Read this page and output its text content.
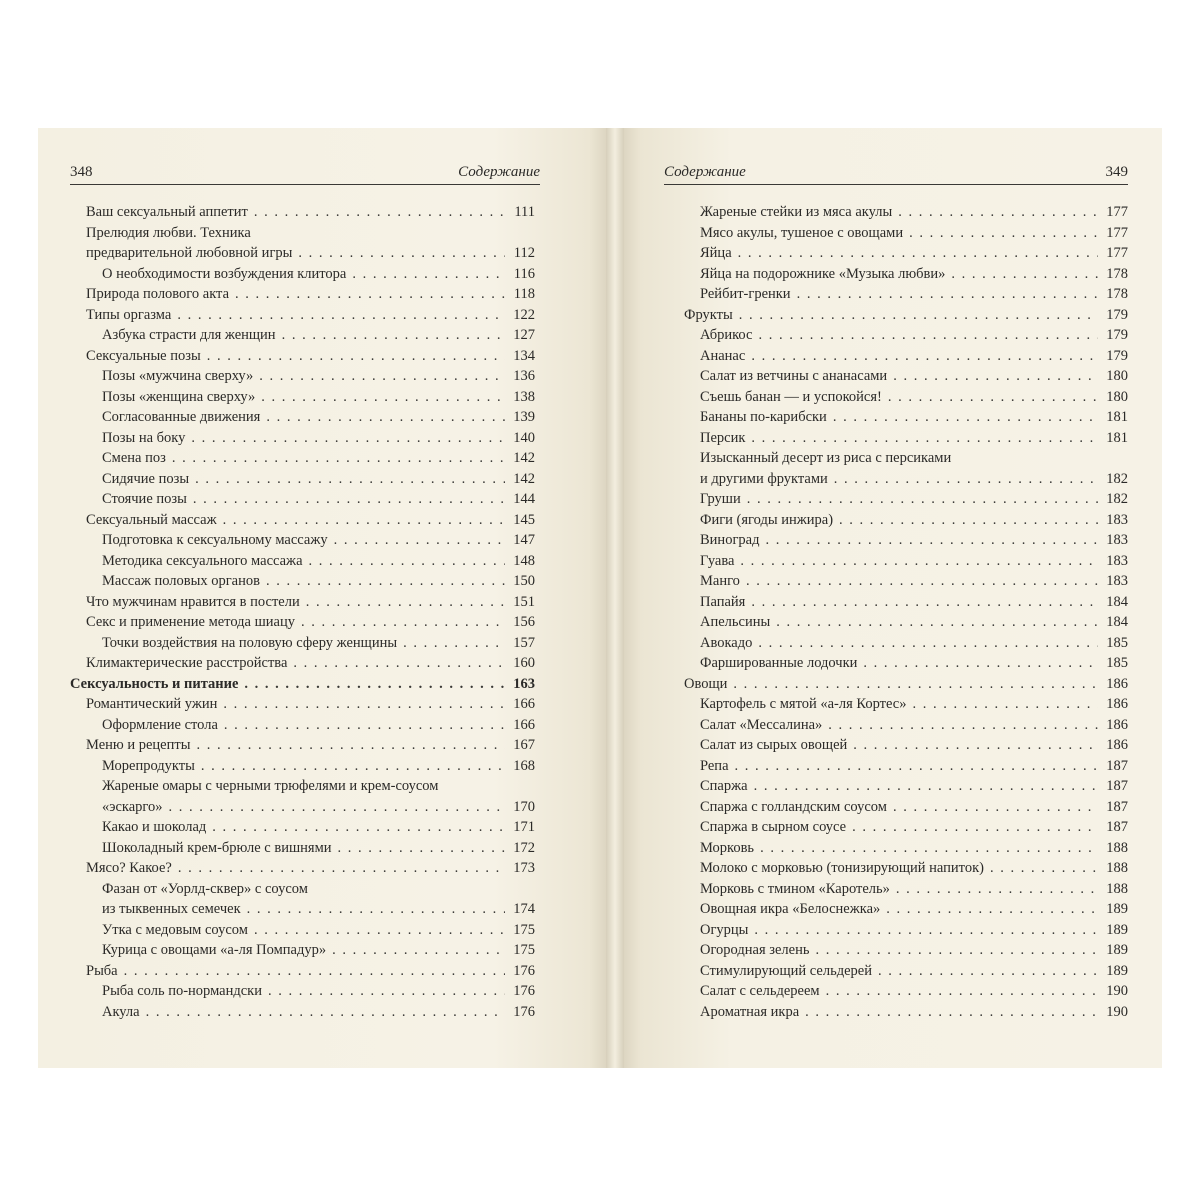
348	Содержание
Ваш сексуальный аппетит . . .	111
Прелюдия любви. Техника
предварительной любовной игры . . .	112
О необходимости возбуждения клитора . . .	116
Природа полового акта . . .	118
Типы оргазма . . .	122
Азбука страсти для женщин . . .	127
Сексуальные позы . . .	134
Позы «мужчина сверху» . . .	136
Позы «женщина сверху» . . .	138
Согласованные движения . . .	139
Позы на боку . . .	140
Смена поз . . .	142
Сидячие позы . . .	142
Стоячие позы . . .	144
Сексуальный массаж . . .	145
Подготовка к сексуальному массажу . . .	147
Методика сексуального массажа . . .	148
Массаж половых органов . . .	150
Что мужчинам нравится в постели . . .	151
Секс и применение метода шиацу . . .	156
Точки воздействия на половую сферу женщины . . .	157
Климактерические расстройства . . .	160
Сексуальность и питание . . .	163
Романтический ужин . . .	166
Оформление стола . . .	166
Меню и рецепты . . .	167
Морепродукты . . .	168
Жареные омары с черными трюфелями и крем-соусом
«эскарго» . . .	170
Какао и шоколад . . .	171
Шоколадный крем-брюле с вишнями . . .	172
Мясо? Какое? . . .	173
Фазан от «Уорлд-сквер» с соусом
из тыквенных семечек . . .	174
Утка с медовым соусом . . .	175
Курица с овощами «а-ля Помпадур» . . .	175
Рыба . . .	176
Рыба соль по-нормандски . . .	176
Акула . . .	176
Содержание	349
Жареные стейки из мяса акулы . . .	177
Мясо акулы, тушеное с овощами . . .	177
Яйца . . .	177
Яйца на подорожнике «Музыка любви» . . .	178
Рейбит-гренки . . .	178
Фрукты . . .	179
Абрикос . . .	179
Ананас . . .	179
Салат из ветчины с ананасами . . .	180
Съешь банан — и успокойся! . . .	180
Бананы по-карибски . . .	181
Персик . . .	181
Изысканный десерт из риса с персиками
и другими фруктами . . .	182
Груши . . .	182
Фиги (ягоды инжира) . . .	183
Виноград . . .	183
Гуава . . .	183
Манго . . .	183
Папайя . . .	184
Апельсины . . .	184
Авокадо . . .	185
Фаршированные лодочки . . .	185
Овощи . . .	186
Картофель с мятой «а-ля Кортес» . . .	186
Салат «Мессалина» . . .	186
Салат из сырых овощей . . .	186
Репа . . .	187
Спаржа . . .	187
Спаржа с голландским соусом . . .	187
Спаржа в сырном соусе . . .	187
Морковь . . .	188
Молоко с морковью (тонизирующий напиток) . . .	188
Морковь с тмином «Каротель» . . .	188
Овощная икра «Белоснежка» . . .	189
Огурцы . . .	189
Огородная зелень . . .	189
Стимулирующий сельдерей . . .	189
Салат с сельдереем . . .	190
Ароматная икра . . .	190
